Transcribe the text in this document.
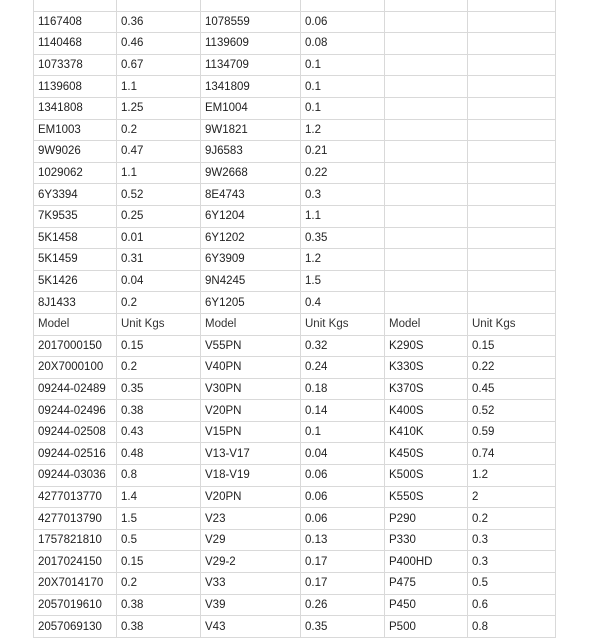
1167408	0.36	1078559	0.06		
1140468	0.46	1139609	0.08		
1073378	0.67	1134709	0.1		
1139608	1.1	1341809	0.1		
1341808	1.25	EM1004	0.1		
EM1003	0.2	9W1821	1.2		
9W9026	0.47	9J6583	0.21		
1029062	1.1	9W2668	0.22		
6Y3394	0.52	8E4743	0.3		
7K9535	0.25	6Y1204	1.1		
5K1458	0.01	6Y1202	0.35		
5K1459	0.31	6Y3909	1.2		
5K1426	0.04	9N4245	1.5		
8J1433	0.2	6Y1205	0.4		
Model	Unit Kgs	Model	Unit Kgs	Model	Unit Kgs
2017000150	0.15	V55PN	0.32	K290S	0.15
20X7000100	0.2	V40PN	0.24	K330S	0.22
09244-02489	0.35	V30PN	0.18	K370S	0.45
09244-02496	0.38	V20PN	0.14	K400S	0.52
09244-02508	0.43	V15PN	0.1	K410K	0.59
09244-02516	0.48	V13-V17	0.04	K450S	0.74
09244-03036	0.8	V18-V19	0.06	K500S	1.2
4277013770	1.4	V20PN	0.06	K550S	2
4277013790	1.5	V23	0.06	P290	0.2
1757821810	0.5	V29	0.13	P330	0.3
2017024150	0.15	V29-2	0.17	P400HD	0.3
20X7014170	0.2	V33	0.17	P475	0.5
2057019610	0.38	V39	0.26	P450	0.6
2057069130	0.38	V43	0.35	P500	0.8
